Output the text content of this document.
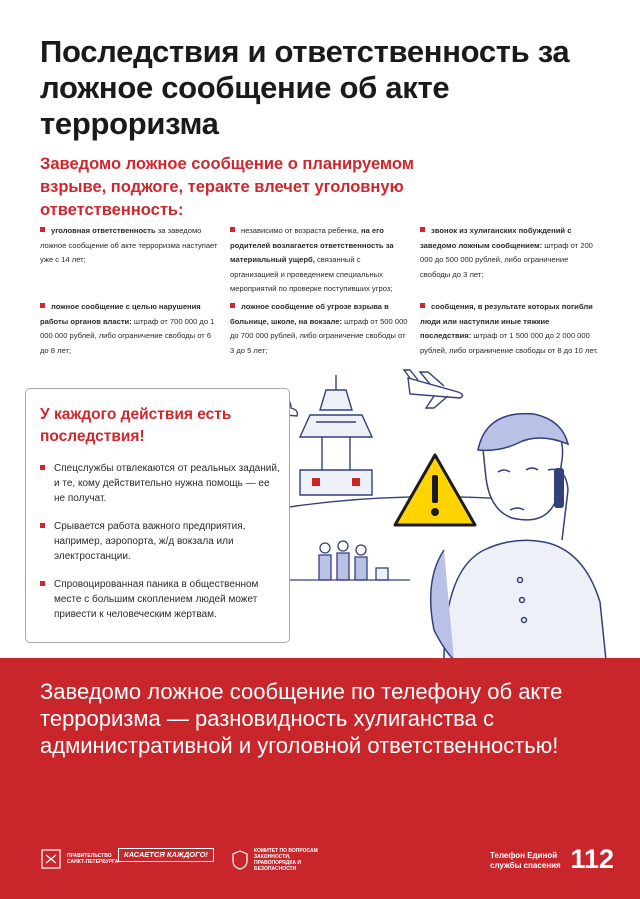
Последствия и ответственность за ложное сообщение об акте терроризма

Заведомо ложное сообщение о планируемом взрыве, поджоге, теракте влечет уголовную ответственность:

уголовная ответственность за заведомо ложное сообщение об акте терроризма наступает уже с 14 лет;
независимо от возраста ребенка, на его родителей возлагается ответственность за материальный ущерб, связанный с организацией и проведением специальных мероприятий по проверке поступивших угроз;
звонок из хулиганских побуждений с заведомо ложным сообщением: штраф от 200 000 до 500 000 рублей, либо ограничение свободы до 3 лет;
ложное сообщение с целью нарушения работы органов власти: штраф от 700 000 до 1 000 000 рублей, либо ограничение свободы от 6 до 8 лет;
ложное сообщение об угрозе взрыва в больнице, школе, на вокзале: штраф от 500 000 до 700 000 рублей, либо ограничение свободы от 3 до 5 лет;
сообщения, в результате которых погибли люди или наступили иные тяжкие последствия: штраф от 1 500 000 до 2 000 000 рублей, либо ограничение свободы от 8 до 10 лет.
У каждого действия есть последствия!
Спецслужбы отвлекаются от реальных заданий, и те, кому действительно нужна помощь — ее не получат.
Срывается работа важного предприятия, например, аэропорта, ж/д вокзала или электростанции.
Спровоцированная паника в общественном месте с большим скоплением людей может привести к человеческим жертвам.

Заведомо ложное сообщение по телефону об акте терроризма — разновидность хулиганства с административной и уголовной ответственностью!

ПРАВИТЕЛЬСТВО САНКТ-ПЕТЕРБУРГА
КАСАЕТСЯ КАЖДОГО!	КОМИТЕТ ПО ВОПРОСАМ ЗАКОННОСТИ, ПРАВОПОРЯДКА И БЕЗОПАСНОСТИ
Телефон Единой службы спасения 112
